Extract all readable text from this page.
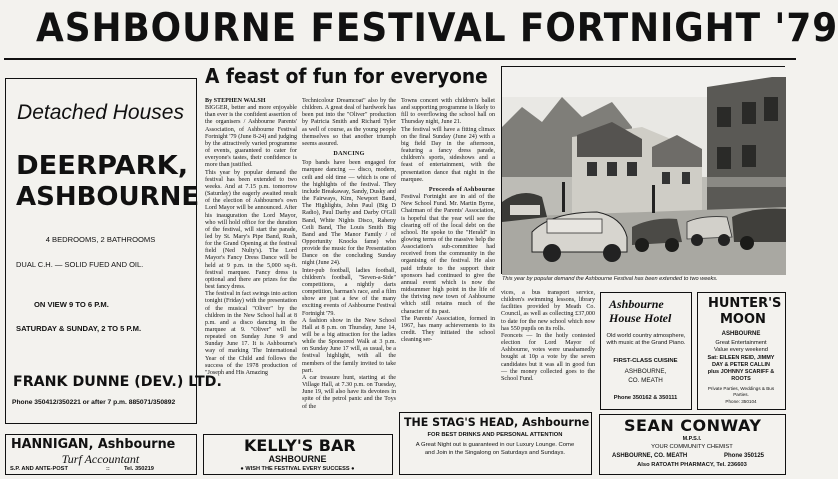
ASHBOURNE FESTIVAL FORTNIGHT '79
A feast of fun for everyone

By STEPHEN WALSH

BIGGER, better and more enjoyable than ever is the confident assertion of the organisers / Ashbourne Parents' Association, of Ashbourne Festival Fortnight '79 (June 8-24) and judging by the attractively varied programme of events, guaranteed to cater for everyone's tastes, their confidence is more than justified.
This year by popular demand the festival has been extended to two weeks. And at 7.15 p.m. tomorrow (Saturday) the eagerly awaited result of the election of Ashbourne's own Lord Mayor will be announced. After his inauguration the Lord Mayor, who will hold office for the duration of the festival, will start the parade, led by St. Mary's Pipe Band, Rush, for the Grand Opening at the festival field (Ned Nulty's). The Lord Mayor's Fancy Dress Dance will be held at 9 p.m. in the 5,000 sq-ft. festival marquee. Fancy dress is optional and there are prizes for the best fancy dress.
The festival in fact swings into action tonight (Friday) with the presentation of the musical "Oliver" by the children in the New School hall at 8 p.m. and a disco dancing in the marquee at 9. "Oliver" will be repeated on Sunday June 9 and Sunday June 17. It is Ashbourne's way of marking The International Year of the Child and follows the success of the 1978 production of "Joseph and His Amazing

Technicolour Dreamcoat" also by the children. A great deal of hardwork has been put into the "Oliver" production by Patricia Smith and Richard Tyler as well of course, as the young people themselves so that another triumph seems assured.

DANCING

Top bands have been engaged for marquee dancing — disco, modern, ceili and old time — which is one of the highlights of the festival. They include Breakaway, Sandy, Dusky and the Fairways, Kim, Newport Band, The Highlights, John Paul (Big D Radio), Paul Darby and Darby O'Gill Band, White Nights Disco, Raheny Ceili Band, The Louis Smith Big Band and The Manor Family / of Opportunity Knocks fame) who provide the music for the Presentation Dance on the concluding Sunday night (June 24).
Inter-pub football, ladies football, children's football, "Seven-a-Side" competitions, a nightly darts competition, barman's race, and a film show are just a few of the many exciting events of Ashbourne Festival Fortnight '79.
A fashion show in the New School Hall at 8 p.m. on Thursday, June 14, will be a big attraction for the ladies while the Sponsored Walk at 3 p.m. on Sunday June 17 will, as usual, be a festival highlight, with all the members of the family invited to take part.
A car treasure hunt, starting at the Village Hall, at 7.30 p.m. on Tuesday, June 19, will also have its devotees in spite of the petrol panic and the Toys of the

Towns concert with children's ballet and supporting programme is likely to fill to overflowing the school hall on Thursday night, June 21.
The festival will have a fitting climax on the final Sunday (June 24) with a big field Day in the afternoon, featuring a fancy dress parade, children's sports, sideshows and a feast of entertainment, with the presentation dance that night in the marquee.

Proceeds of Ashbourne

Festival Fortnight are in aid of the New School Fund. Mr. Martin Byrne, Chairman of the Parents' Association, is hopeful that the year will see the clearing off of the local debt on the school. He spoke to the "Herald" in glowing terms of the massive help the Association's sub-committee had received from the community in the organising of the festival. He also paid tribute to the support their sponsors had continued to give the annual event which is now the midsummer high point in the life of the thriving new town of Ashbourne which still retains much of the character of its past.
The Parents' Association, formed in 1967, has many achievements to its credit. They initiated the school cleaning ser-

vices, a bus transport service, children's swimming lessons, library facilities provided by Meath Co. Council, as well as collecting £37,000 to date for the new school which now has 550 pupils on its rolls.
Feoncets — In the hotly contested election for Lord Mayor of Ashbourne, votes were unashamedly bought at 10p a vote by the seven candidates but it was all in good fun — the money collected goes to the School Fund.

This year by popular demand the Ashbourne Festival has been extended to two weeks.
Detached Houses
DEERPARK,
ASHBOURNE
4 BEDROOMS, 2 BATHROOMS
DUAL C.H. — SOLID FUED AND OIL.
ON VIEW 9 TO 6 P.M.
SATURDAY & SUNDAY, 2 TO 5 P.M.
FRANK DUNNE (DEV.) LTD.
Phone 350412/350221 or after 7 p.m. 885071/350892
HANNIGAN, Ashbourne
Turf Accountant
S.P. AND ANTE-POST	:: Tel. 350219
KELLY'S BAR
ASHBOURNE
● WISH THE FESTIVAL EVERY SUCCESS ●
THE STAG'S HEAD, Ashbourne
FOR BEST DRINKS AND PERSONAL ATTENTION
A Great Night out is guaranteed in our Luxury Lounge. Come and Join in the Singalong on Saturdays and Sundays.
Ashbourne
House Hotel
Old world country atmosphere, with music at the Grand Piano.
FIRST-CLASS CUISINE
ASHBOURNE,
CO. MEATH
Phone 350162 & 350111
HUNTER'S
MOON
ASHBOURNE
Great Entertainment
Value every weekend
Sat: EILEEN REID, JIMMY
DAY & PETER CALLIN
plus JOHNNY SCARIFF &
ROOTS
Private Parties, Weddings & Bus Parties.
Phone: 350104
SEAN CONWAY
M.P.S.I.
YOUR COMMUNITY CHEMIST
ASHBOURNE, CO. MEATH	Phone 350125
Also RATOATH PHARMACY, Tel. 236603
